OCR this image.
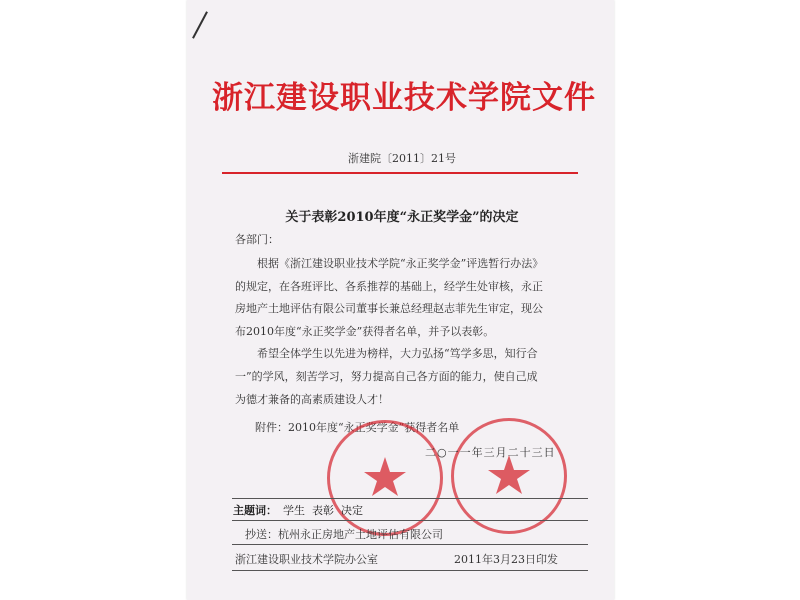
浙江建设职业技术学院文件
浙建院〔2011〕21号
关于表彰2010年度“永正奖学金”的决定
各部门：

根据《浙江建设职业技术学院“永正奖学金”评选暂行办法》

的规定，在各班评比、各系推荐的基础上，经学生处审核，永正

房地产土地评估有限公司董事长兼总经理赵志菲先生审定，现公

布2010年度“永正奖学金”获得者名单，并予以表彰。

希望全体学生以先进为榜样，大力弘扬“笃学多思，知行合

一”的学风，刻苦学习，努力提高自己各方面的能力，使自己成

为德才兼备的高素质建设人才！

附件：2010年度“永正奖学金”获得者名单
二○一一年三月二十三日
主题词： 学生  表彰  决定
抄送：杭州永正房地产土地评估有限公司
浙江建设职业技术学院办公室	2011年3月23日印发
